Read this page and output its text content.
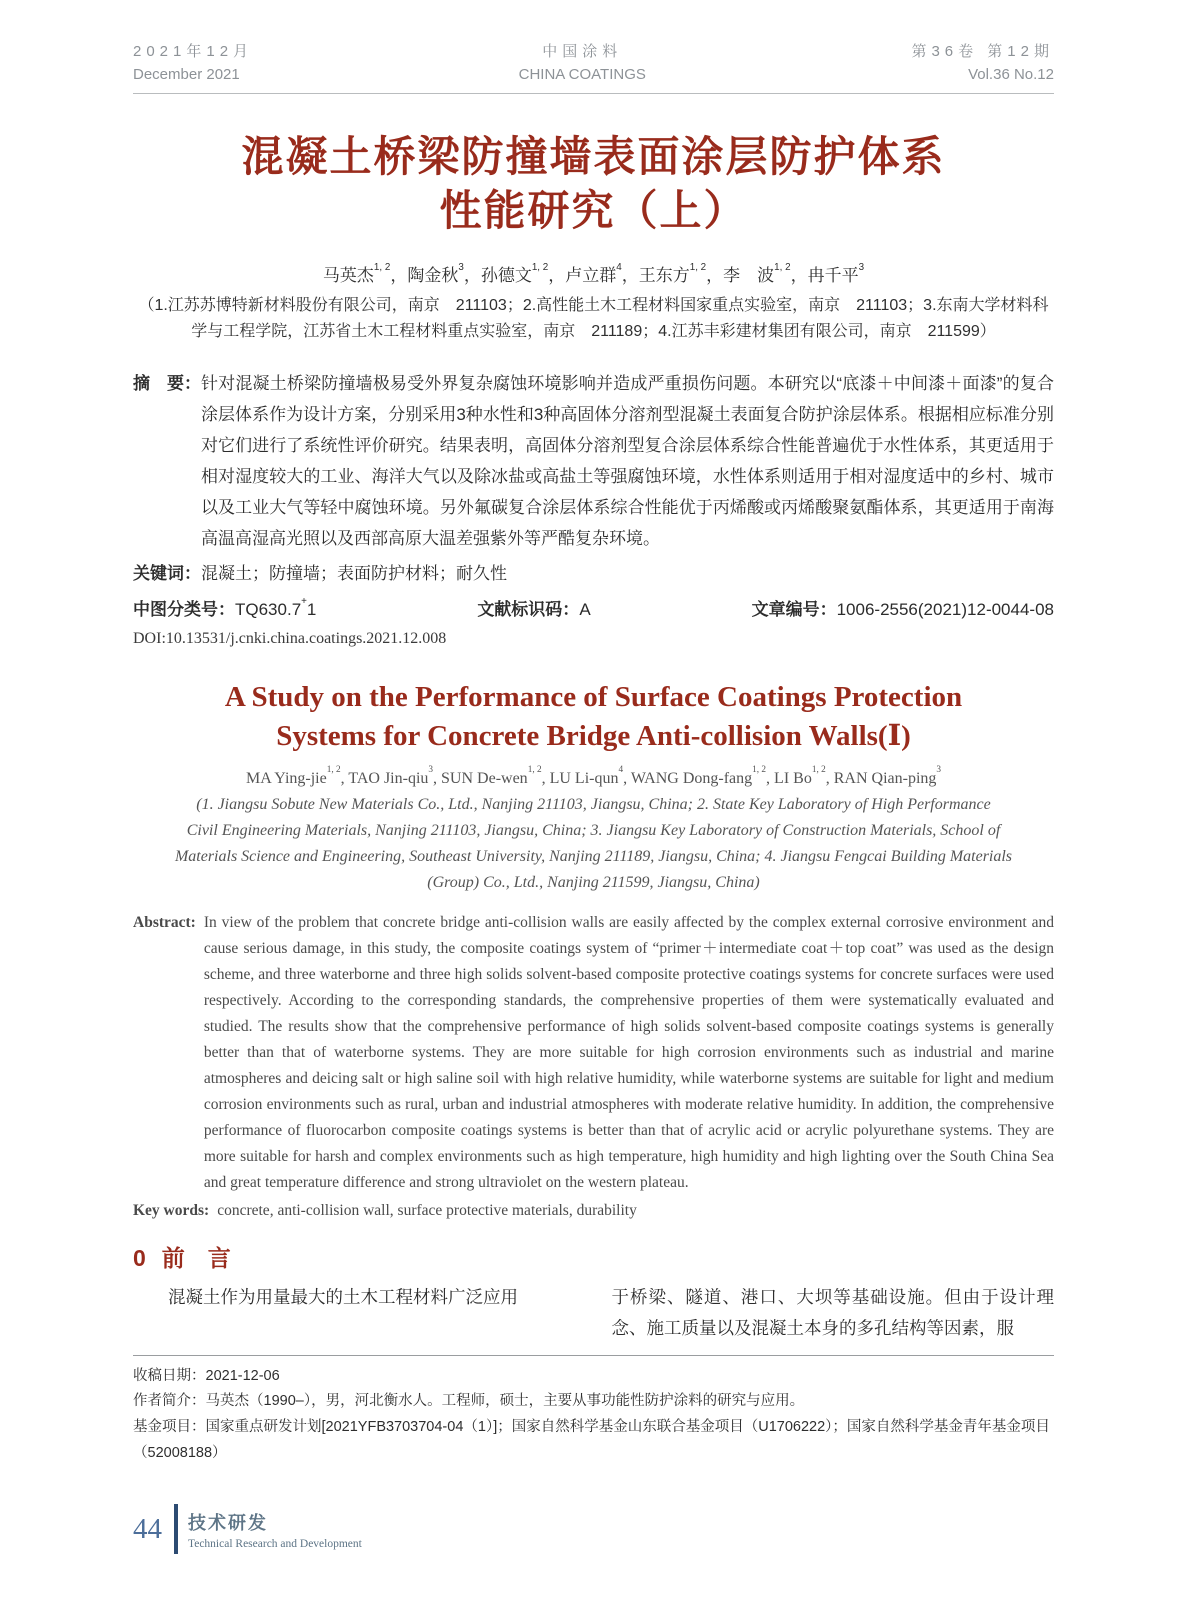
2021年12月
December 2021
中国涂料
CHINA COATINGS
第36卷 第12期
Vol.36 No.12
混凝土桥梁防撞墙表面涂层防护体系
性能研究（上）
马英杰$^{1, 2}$，陶金秋$^3$，孙德文$^{1, 2}$，卢立群$^4$，王东方$^{1, 2}$，李　波$^{1, 2}$，冉千平$^3$
（1.江苏苏博特新材料股份有限公司，南京　211103；2.高性能土木工程材料国家重点实验室，南京　211103；3.东南大学材料科
学与工程学院，江苏省土木工程材料重点实验室，南京　211189；4.江苏丰彩建材集团有限公司，南京　211599）
摘　要： 针对混凝土桥梁防撞墙极易受外界复杂腐蚀环境影响并造成严重损伤问题。本研究以“底漆＋中间漆＋面漆”的复合涂层体系作为设计方案，分别采用3种水性和3种高固体分溶剂型混凝土表面复合防护涂层体系。根据相应标准分别对它们进行了系统性评价研究。结果表明，高固体分溶剂型复合涂层体系综合性能普遍优于水性体系，其更适用于相对湿度较大的工业、海洋大气以及除冰盐或高盐土等强腐蚀环境，水性体系则适用于相对湿度适中的乡村、城市以及工业大气等轻中腐蚀环境。另外氟碳复合涂层体系综合性能优于丙烯酸或丙烯酸聚氨酯体系，其更适用于南海高温高湿高光照以及西部高原大温差强紫外等严酷复杂环境。
关键词： 混凝土；防撞墙；表面防护材料；耐久性
中图分类号：TQ630.7+1	文献标识码：A	文章编号：1006-2556(2021)12-0044-08
DOI:10.13531/j.cnki.china.coatings.2021.12.008
A Study on the Performance of Surface Coatings Protection
Systems for Concrete Bridge Anti-collision Walls(Ⅰ)
MA Ying-jie$^{1, 2}$, TAO Jin-qiu$^3$, SUN De-wen$^{1, 2}$, LU Li-qun$^4$, WANG Dong-fang$^{1, 2}$, LI Bo$^{1, 2}$, RAN Qian-ping$^3$
(1. Jiangsu Sobute New Materials Co., Ltd., Nanjing 211103, Jiangsu, China; 2. State Key Laboratory of High Performance
Civil Engineering Materials, Nanjing 211103, Jiangsu, China; 3. Jiangsu Key Laboratory of Construction Materials, School of
Materials Science and Engineering, Southeast University, Nanjing 211189, Jiangsu, China; 4. Jiangsu Fengcai Building Materials
(Group) Co., Ltd., Nanjing 211599, Jiangsu, China)
Abstract: In view of the problem that concrete bridge anti-collision walls are easily affected by the complex external corrosive environment and cause serious damage, in this study, the composite coatings system of “primer＋intermediate coat＋top coat” was used as the design scheme, and three waterborne and three high solids solvent-based composite protective coatings systems for concrete surfaces were used respectively. According to the corresponding standards, the comprehensive properties of them were systematically evaluated and studied. The results show that the comprehensive performance of high solids solvent-based composite coatings systems is generally better than that of waterborne systems. They are more suitable for high corrosion environments such as industrial and marine atmospheres and deicing salt or high saline soil with high relative humidity, while waterborne systems are suitable for light and medium corrosion environments such as rural, urban and industrial atmospheres with moderate relative humidity. In addition, the comprehensive performance of fluorocarbon composite coatings systems is better than that of acrylic acid or acrylic polyurethane systems. They are more suitable for harsh and complex environments such as high temperature, high humidity and high lighting over the South China Sea and great temperature difference and strong ultraviolet on the western plateau.
Key words: concrete, anti-collision wall, surface protective materials, durability
0 前　言
混凝土作为用量最大的土木工程材料广泛应用	于桥梁、隧道、港口、大坝等基础设施。但由于设计理念、施工质量以及混凝土本身的多孔结构等因素，服

收稿日期：2021-12-06

作者简介：马英杰（1990–），男，河北衡水人。工程师，硕士，主要从事功能性防护涂料的研究与应用。

基金项目：国家重点研发计划[2021YFB3703704-04（1）]；国家自然科学基金山东联合基金项目（U1706222）；国家自然科学基金青年基金项目（52008188）

44 技术研发
Technical Research and Development
